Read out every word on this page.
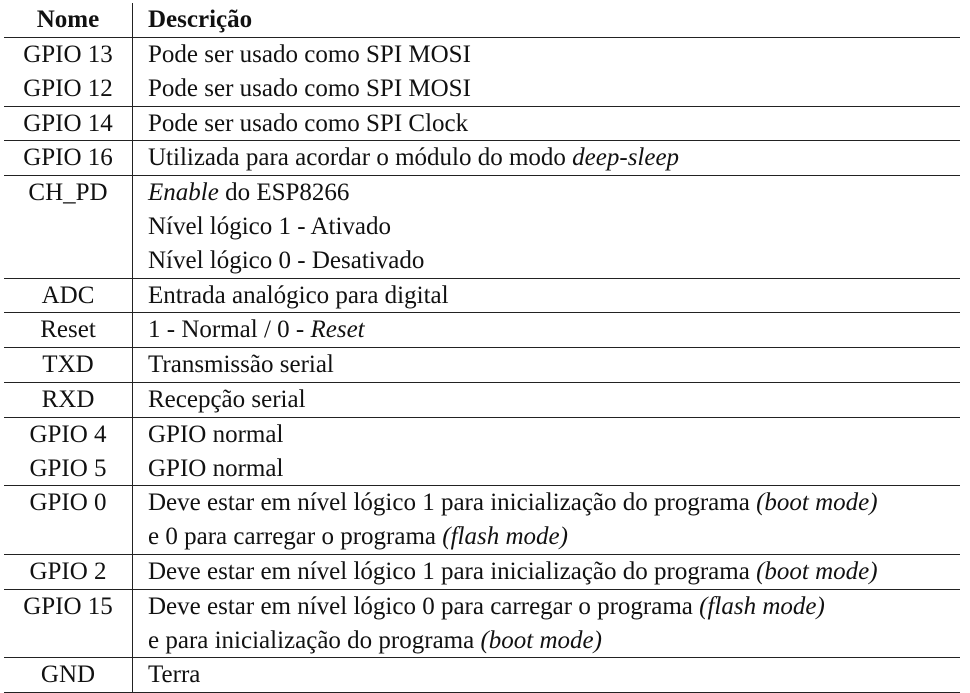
Nome	Descrição
GPIO 13	Pode ser usado como SPI MOSI

GPIO 12	Pode ser usado como SPI MOSI

GPIO 14	Pode ser usado como SPI Clock

GPIO 16	Utilizada para acordar o módulo do modo deep-sleep

CH_PD	Enable do ESP8266
Nível lógico 1 - Ativado
Nível lógico 0 - Desativado

ADC	Entrada analógico para digital

Reset	1 - Normal / 0 - Reset

TXD	Transmissão serial

RXD	Recepção serial

GPIO 4	GPIO normal

GPIO 5	GPIO normal

GPIO 0	Deve estar em nível lógico 1 para inicialização do programa (boot mode)
e 0 para carregar o programa (flash mode)

GPIO 2	Deve estar em nível lógico 1 para inicialização do programa (boot mode)

GPIO 15	Deve estar em nível lógico 0 para carregar o programa (flash mode)
e para inicialização do programa (boot mode)

GND	Terra
